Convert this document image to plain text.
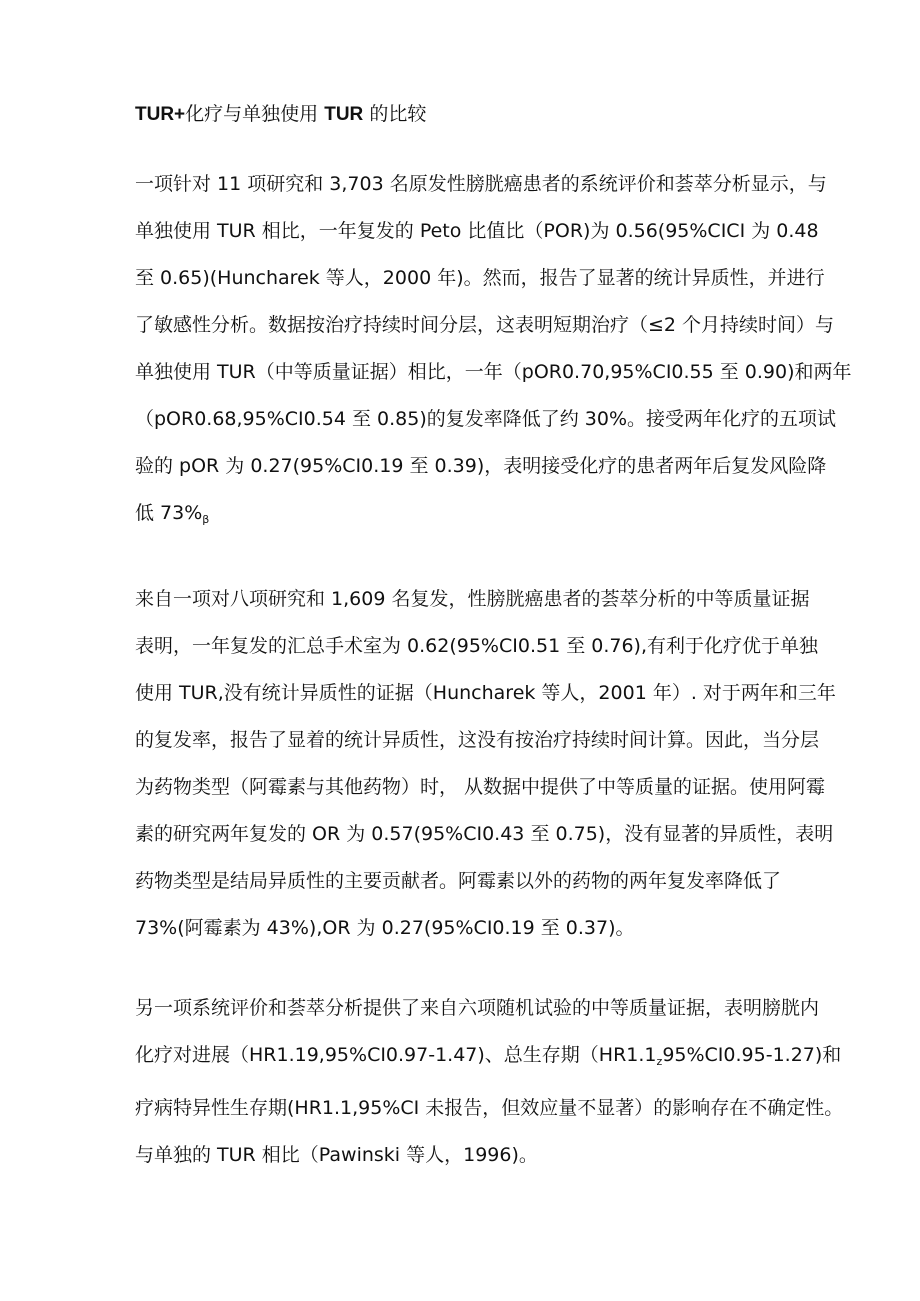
TUR+化疗与单独使用 TUR 的比较
一项针对 11 项研究和 3,703 名原发性膀胱癌患者的系统评价和荟萃分析显示，与
单独使用 TUR 相比，一年复发的 Peto 比值比（POR)为 0.56(95%CICI 为 0.48
至 0.65)(Huncharek 等人，2000 年)。然而，报告了显著的统计异质性，并进行
了敏感性分析。数据按治疗持续时间分层，这表明短期治疗（≤2 个月持续时间）与
单独使用 TUR（中等质量证据）相比，一年（pOR0.70,95%CI0.55 至 0.90)和两年
（pOR0.68,95%CI0.54 至 0.85)的复发率降低了约 30%。接受两年化疗的五项试
验的 pOR 为 0.27(95%CI0.19 至 0.39)，表明接受化疗的患者两年后复发风险降
低 $73\%_\beta$
来自一项对八项研究和 1,609 名复发，性膀胱癌患者的荟萃分析的中等质量证据
表明，一年复发的汇总手术室为 0.62(95%CI0.51 至 0.76),有利于化疗优于单独
使用 TUR,没有统计异质性的证据（Huncharek 等人，2001 年）. 对于两年和三年
的复发率，报告了显着的统计异质性，这没有按治疗持续时间计算。因此，当分层
为药物类型（阿霉素与其他药物）时， 从数据中提供了中等质量的证据。使用阿霉
素的研究两年复发的 OR 为 0.57(95%CI0.43 至 0.75)，没有显著的异质性，表明
药物类型是结局异质性的主要贡献者。阿霉素以外的药物的两年复发率降低了
73%(阿霉素为 43%),OR 为 0.27(95%CI0.19 至 0.37)。
另一项系统评价和荟萃分析提供了来自六项随机试验的中等质量证据，表明膀胱内
化疗对进展（HR1.19,95%CI0.97-1.47)、总生存期$(HR1.1_z95\%CI0.95-1.27)$和
疗病特异性生存期(HR1.1,95%CI 未报告，但效应量不显著）的影响存在不确定性。
与单独的 TUR 相比（Pawinski 等人，1996)。
